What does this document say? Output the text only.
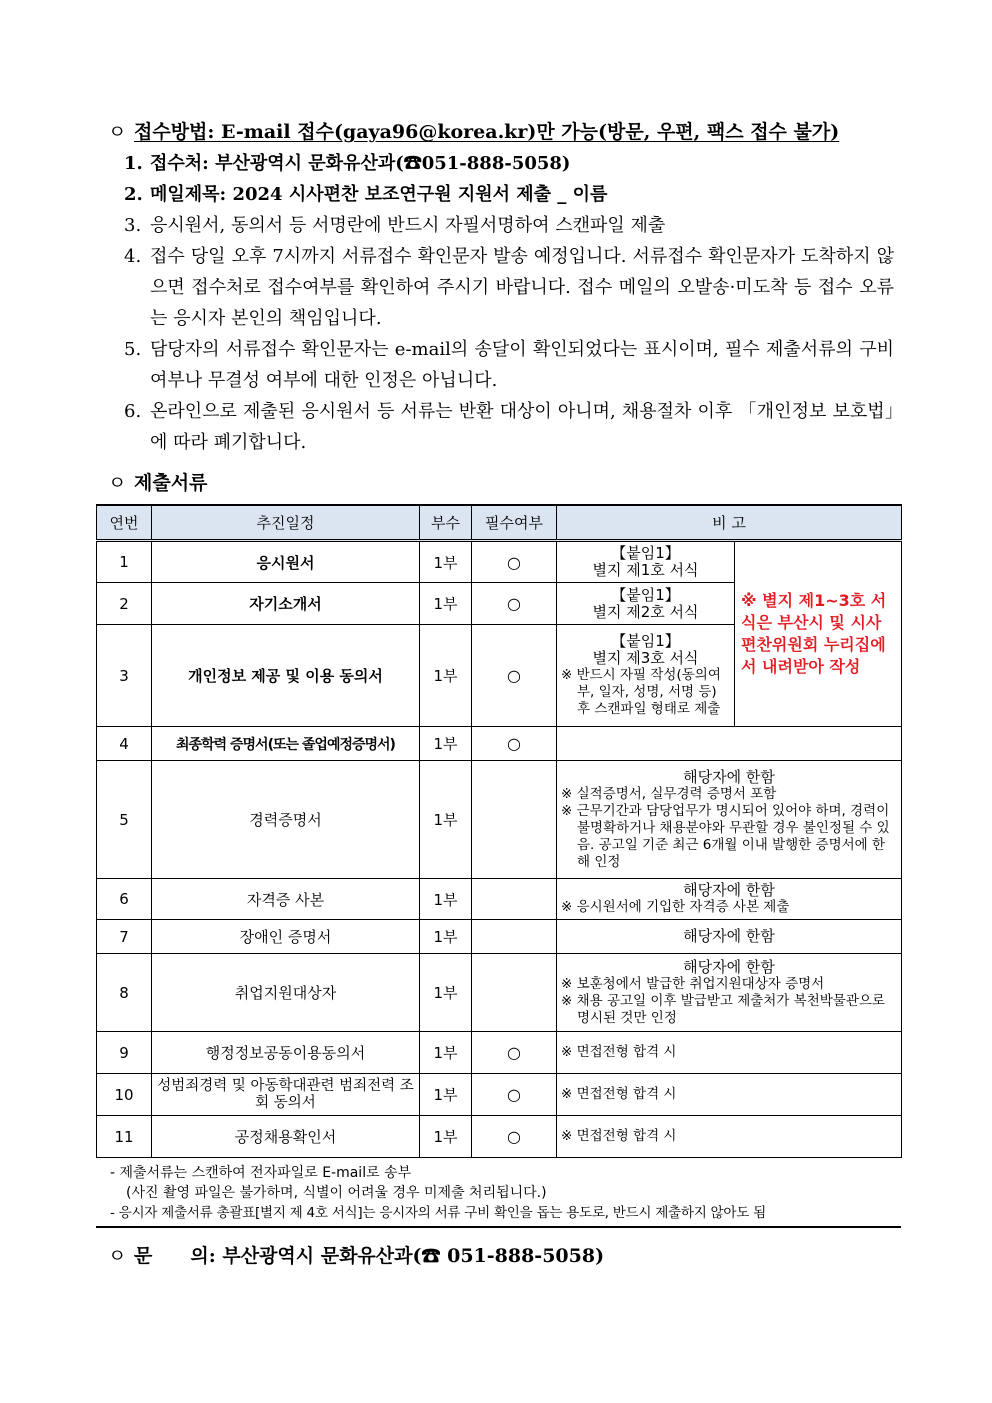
ㅇ 접수방법: E-mail 접수(gaya96@korea.kr)만 가능(방문, 우편, 팩스 접수 불가)
1. 접수처: 부산광역시 문화유산과(☎051-888-5058)
2. 메일제목: 2024 시사편찬 보조연구원 지원서 제출 _ 이름
3. 응시원서, 동의서 등 서명란에 반드시 자필서명하여 스캔파일 제출
4. 접수 당일 오후 7시까지 서류접수 확인문자 발송 예정입니다. 서류접수 확인문자가 도착하지 않으면 접수처로 접수여부를 확인하여 주시기 바랍니다. 접수 메일의 오발송·미도착 등 접수 오류는 응시자 본인의 책임입니다.
5. 담당자의 서류접수 확인문자는 e-mail의 송달이 확인되었다는 표시이며, 필수 제출서류의 구비여부나 무결성 여부에 대한 인정은 아닙니다.
6. 온라인으로 제출된 응시원서 등 서류는 반환 대상이 아니며, 채용절차 이후 「개인정보 보호법」에 따라 폐기합니다.
ㅇ 제출서류
연번	추진일정	부수	필수여부	비 고	
1	응시원서	1부	○	【붙임1】
별지 제1호 서식	※ 별지 제1~3호 서식은 부산시 및 시사편찬위원회 누리집에서 내려받아 작성
2	자기소개서	1부	○	【붙임1】
별지 제2호 서식	

3	개인정보 제공 및 이용 동의서	1부	○	【붙임1】
별지 제3호 서식
※ 반드시 자필 작성(동의여부, 일자, 성명, 서명 등) 후 스캔파일 형태로 제출	

4	최종학력 증명서(또는 졸업예정증명서)	1부	○		
5	경력증명서	1부		해당자에 한함
※ 실적증명서, 실무경력 증명서 포함
※ 근무기간과 담당업무가 명시되어 있어야 하며, 경력이 불명확하거나 채용분야와 무관할 경우 불인정될 수 있음. 공고일 기준 최근 6개월 이내 발행한 증명서에 한해 인정	

6	자격증 사본	1부		해당자에 한함
※ 응시원서에 기입한 자격증 사본 제출	

7	장애인 증명서	1부		해당자에 한함	

8	취업지원대상자	1부		해당자에 한함
※ 보훈청에서 발급한 취업지원대상자 증명서
※ 채용 공고일 이후 발급받고 제출처가 복천박물관으로 명시된 것만 인정	

9	행정정보공동이용동의서	1부	○	※ 면접전형 합격 시	
10	성범죄경력 및 아동학대관련 범죄전력 조회 동의서	1부	○	※ 면접전형 합격 시	
11	공정채용확인서	1부	○	※ 면접전형 합격 시	
- 제출서류는 스캔하여 전자파일로 E-mail로 송부
(사진 촬영 파일은 불가하며, 식별이 어려울 경우 미제출 처리됩니다.)
- 응시자 제출서류 총괄표[별지 제 4호 서식]는 응시자의 서류 구비 확인을 돕는 용도로, 반드시 제출하지 않아도 됨
ㅇ 문　　의: 부산광역시 문화유산과(☎ 051-888-5058)
